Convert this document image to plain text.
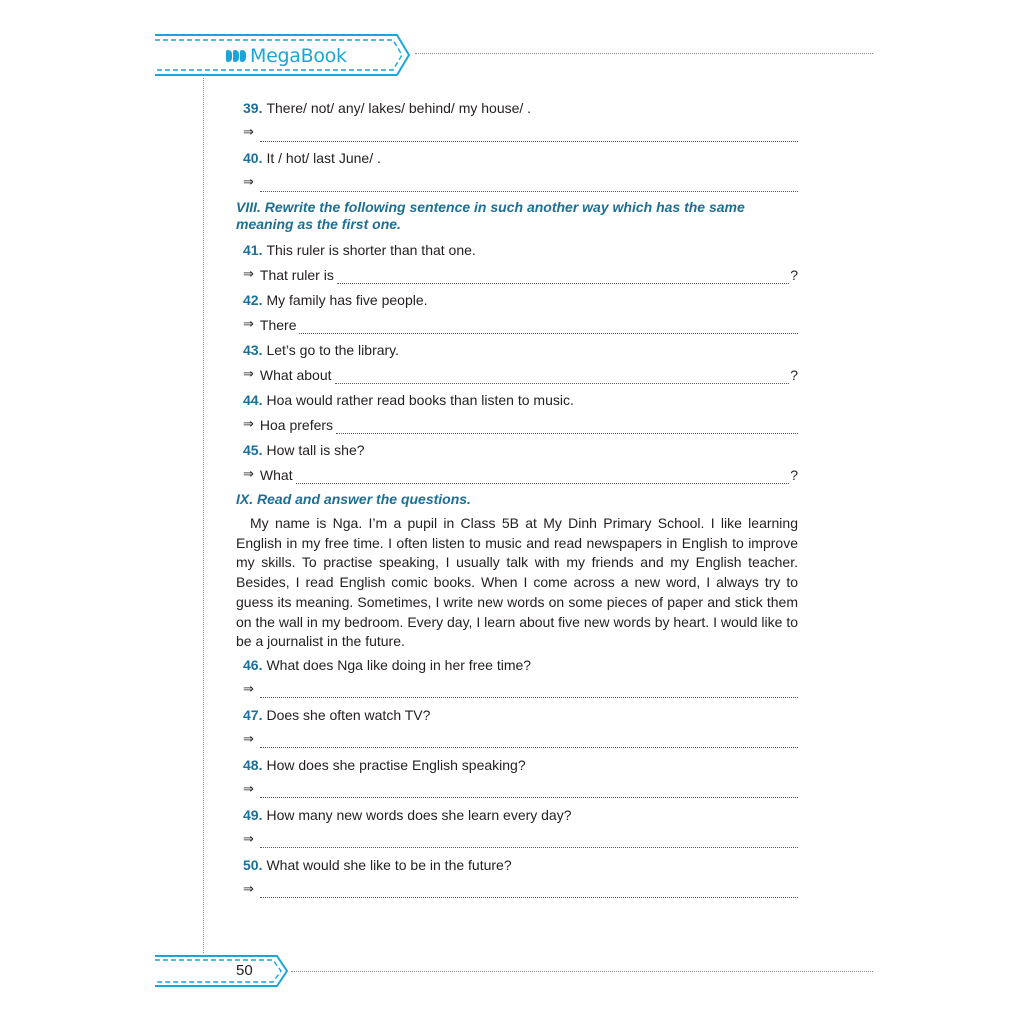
MegaBook
39. There/ not/ any/ lakes/ behind/ my house/ .
⇒
40. It / hot/ last June/ .
⇒
VIII. Rewrite the following sentence in such another way which has the same meaning as the first one.
41. This ruler is shorter than that one.
⇒ That ruler is	?
42. My family has five people.
⇒ There
43. Let’s go to the library.
⇒ What about	?
44. Hoa would rather read books than listen to music.
⇒ Hoa prefers
45. How tall is she?
⇒ What	?
IX. Read and answer the questions.

My name is Nga. I’m a pupil in Class 5B at My Dinh Primary School. I like learning English in my free time. I often listen to music and read newspapers in English to improve my skills. To practise speaking, I usually talk with my friends and my English teacher. Besides, I read English comic books. When I come across a new word, I always try to guess its meaning. Sometimes, I write new words on some pieces of paper and stick them on the wall in my bedroom. Every day, I learn about five new words by heart. I would like to be a journalist in the future.

46. What does Nga like doing in her free time?
⇒
47. Does she often watch TV?
⇒
48. How does she practise English speaking?
⇒
49. How many new words does she learn every day?
⇒
50. What would she like to be in the future?
⇒
50
